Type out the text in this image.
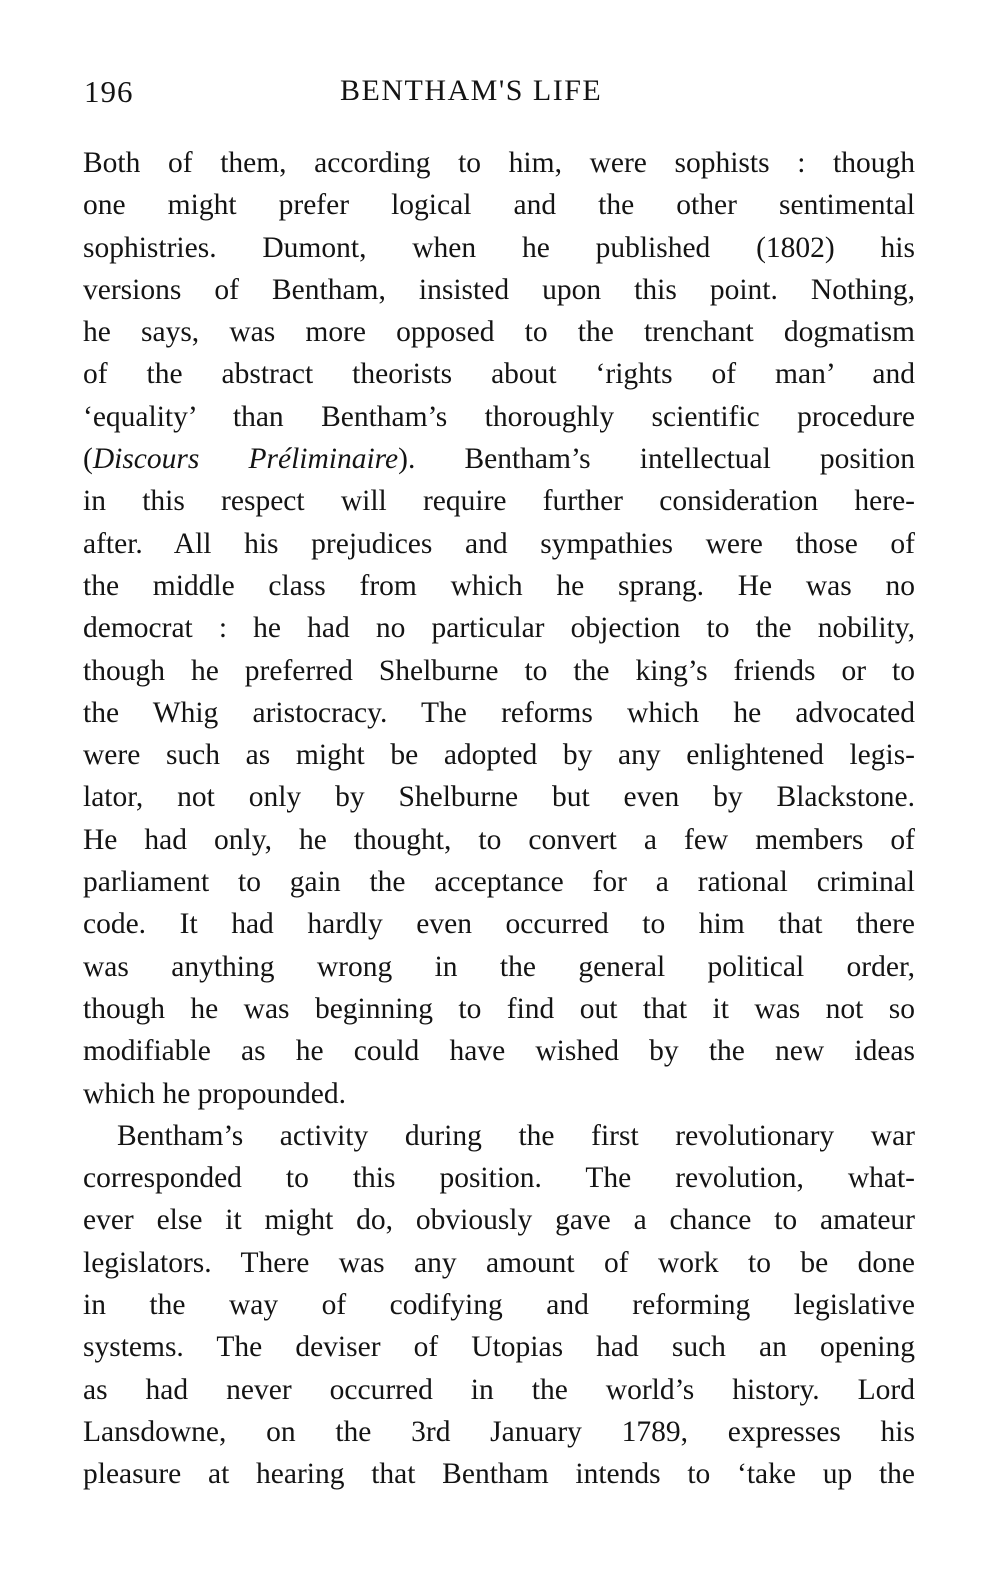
196	BENTHAM'S LIFE
Both of them, according to him, were sophists : though
one might prefer logical and the other sentimental
sophistries. Dumont, when he published (1802) his
versions of Bentham, insisted upon this point. Nothing,
he says, was more opposed to the trenchant dogmatism
of the abstract theorists about ‘rights of man’ and
‘equality’ than Bentham’s thoroughly scientific procedure
(Discours Préliminaire). Bentham’s intellectual position
in this respect will require further consideration here-
after. All his prejudices and sympathies were those of
the middle class from which he sprang. He was no
democrat : he had no particular objection to the nobility,
though he preferred Shelburne to the king’s friends or to
the Whig aristocracy. The reforms which he advocated
were such as might be adopted by any enlightened legis-
lator, not only by Shelburne but even by Blackstone.
He had only, he thought, to convert a few members of
parliament to gain the acceptance for a rational criminal
code. It had hardly even occurred to him that there
was anything wrong in the general political order,
though he was beginning to find out that it was not so
modifiable as he could have wished by the new ideas
which he propounded.
Bentham’s activity during the first revolutionary war
corresponded to this position. The revolution, what-
ever else it might do, obviously gave a chance to amateur
legislators. There was any amount of work to be done
in the way of codifying and reforming legislative
systems. The deviser of Utopias had such an opening
as had never occurred in the world’s history. Lord
Lansdowne, on the 3rd January 1789, expresses his
pleasure at hearing that Bentham intends to ‘take up the
